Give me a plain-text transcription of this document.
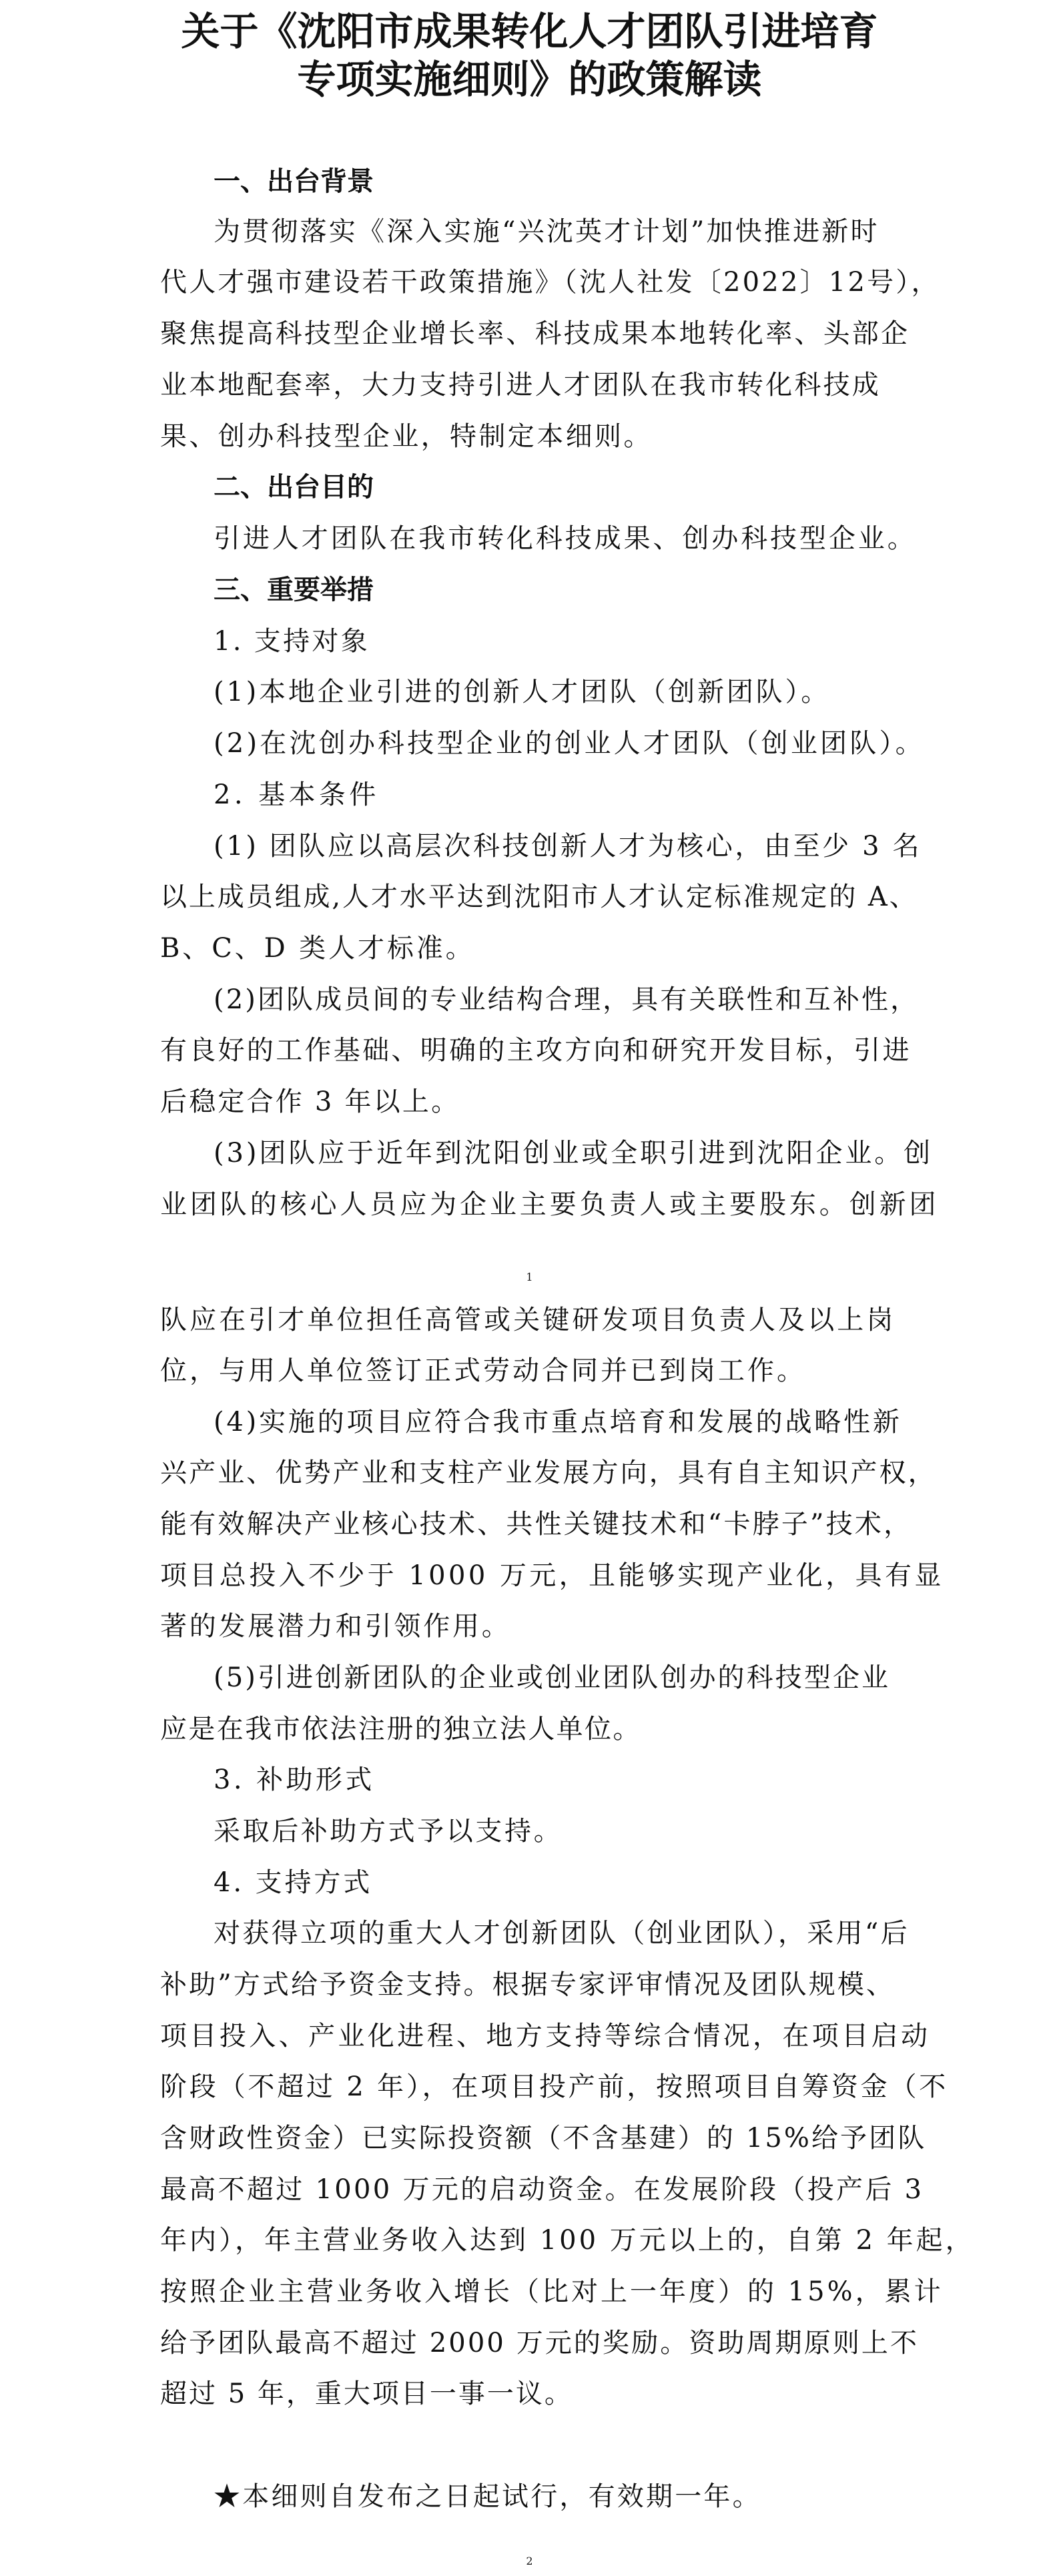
关于《沈阳市成果转化人才团队引进培育
专项实施细则》的政策解读
一、出台背景
为贯彻落实《深入实施“兴沈英才计划”加快推进新时
代人才强市建设若干政策措施》（沈人社发〔2022〕12号），
聚焦提高科技型企业增长率、科技成果本地转化率、头部企
业本地配套率，大力支持引进人才团队在我市转化科技成
果、创办科技型企业，特制定本细则。
二、出台目的
引进人才团队在我市转化科技成果、创办科技型企业。
三、重要举措
1. 支持对象
(1)本地企业引进的创新人才团队（创新团队）。
(2)在沈创办科技型企业的创业人才团队（创业团队）。
2. 基本条件
(1) 团队应以高层次科技创新人才为核心，由至少 3 名
以上成员组成,人才水平达到沈阳市人才认定标准规定的 A、
B、C、D 类人才标准。
(2)团队成员间的专业结构合理，具有关联性和互补性，
有良好的工作基础、明确的主攻方向和研究开发目标，引进
后稳定合作 3 年以上。
(3)团队应于近年到沈阳创业或全职引进到沈阳企业。创
业团队的核心人员应为企业主要负责人或主要股东。创新团
1
队应在引才单位担任高管或关键研发项目负责人及以上岗
位，与用人单位签订正式劳动合同并已到岗工作。
(4)实施的项目应符合我市重点培育和发展的战略性新
兴产业、优势产业和支柱产业发展方向，具有自主知识产权，
能有效解决产业核心技术、共性关键技术和“卡脖子”技术，
项目总投入不少于 1000 万元，且能够实现产业化，具有显
著的发展潜力和引领作用。
(5)引进创新团队的企业或创业团队创办的科技型企业
应是在我市依法注册的独立法人单位。
3. 补助形式
采取后补助方式予以支持。
4. 支持方式
对获得立项的重大人才创新团队（创业团队），采用“后
补助”方式给予资金支持。根据专家评审情况及团队规模、
项目投入、产业化进程、地方支持等综合情况，在项目启动
阶段（不超过 2 年），在项目投产前，按照项目自筹资金（不
含财政性资金）已实际投资额（不含基建）的 15%给予团队
最高不超过 1000 万元的启动资金。在发展阶段（投产后 3
年内），年主营业务收入达到 100 万元以上的，自第 2 年起，
按照企业主营业务收入增长（比对上一年度）的 15%，累计
给予团队最高不超过 2000 万元的奖励。资助周期原则上不
超过 5 年，重大项目一事一议。
★本细则自发布之日起试行，有效期一年。
2
